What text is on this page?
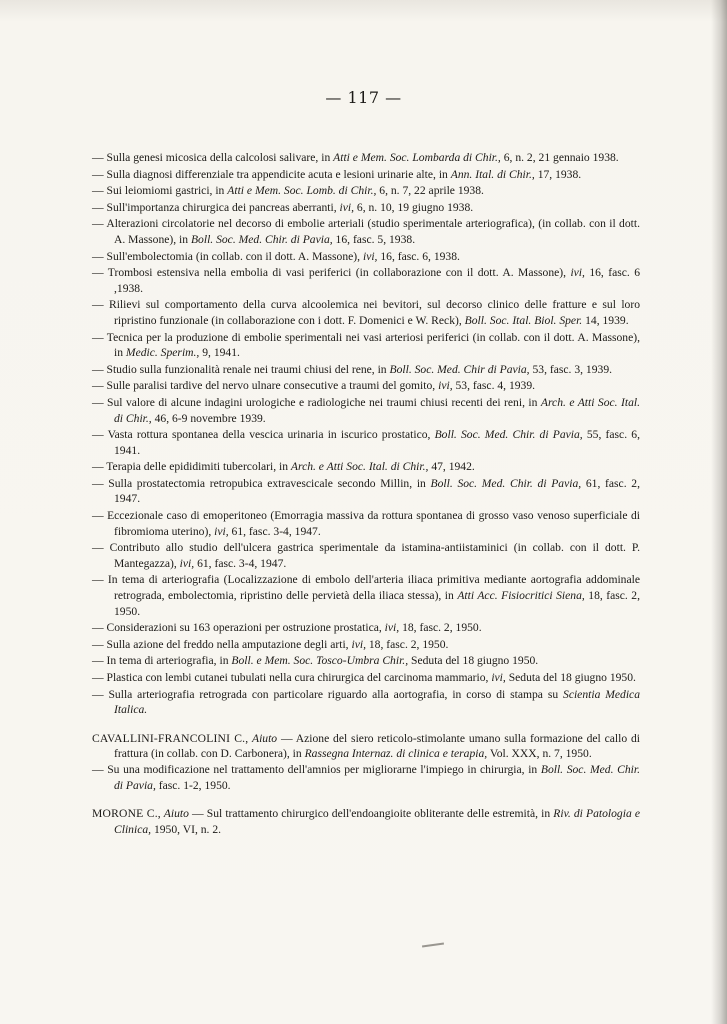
— 117 —

— Sulla genesi micosica della calcolosi salivare, in Atti e Mem. Soc. Lombarda di Chir., 6, n. 2, 21 gennaio 1938.

— Sulla diagnosi differenziale tra appendicite acuta e lesioni urinarie alte, in Ann. Ital. di Chir., 17, 1938.

— Sui leiomiomi gastrici, in Atti e Mem. Soc. Lomb. di Chir., 6, n. 7, 22 aprile 1938.

— Sull'importanza chirurgica dei pancreas aberranti, ivi, 6, n. 10, 19 giugno 1938.

— Alterazioni circolatorie nel decorso di embolie arteriali (studio sperimentale arteriografica), (in collab. con il dott. A. Massone), in Boll. Soc. Med. Chir. di Pavia, 16, fasc. 5, 1938.

— Sull'embolectomia (in collab. con il dott. A. Massone), ivi, 16, fasc. 6, 1938.

— Trombosi estensiva nella embolia di vasi periferici (in collaborazione con il dott. A. Massone), ivi, 16, fasc. 6 ,1938.

— Rilievi sul comportamento della curva alcoolemica nei bevitori, sul decorso clinico delle fratture e sul loro ripristino funzionale (in collaborazione con i dott. F. Domenici e W. Reck), Boll. Soc. Ital. Biol. Sper. 14, 1939.

— Tecnica per la produzione di embolie sperimentali nei vasi arteriosi periferici (in collab. con il dott. A. Massone), in Medic. Sperim., 9, 1941.

— Studio sulla funzionalità renale nei traumi chiusi del rene, in Boll. Soc. Med. Chir di Pavia, 53, fasc. 3, 1939.

— Sulle paralisi tardive del nervo ulnare consecutive a traumi del gomito, ivi, 53, fasc. 4, 1939.

— Sul valore di alcune indagini urologiche e radiologiche nei traumi chiusi recenti dei reni, in Arch. e Atti Soc. Ital. di Chir., 46, 6-9 novembre 1939.

— Vasta rottura spontanea della vescica urinaria in iscurico prostatico, Boll. Soc. Med. Chir. di Pavia, 55, fasc. 6, 1941.

— Terapia delle epididimiti tubercolari, in Arch. e Atti Soc. Ital. di Chir., 47, 1942.

— Sulla prostatectomia retropubica extravescicale secondo Millin, in Boll. Soc. Med. Chir. di Pavia, 61, fasc. 2, 1947.

— Eccezionale caso di emoperitoneo (Emorragia massiva da rottura spontanea di grosso vaso venoso superficiale di fibromioma uterino), ivi, 61, fasc. 3-4, 1947.

— Contributo allo studio dell'ulcera gastrica sperimentale da istamina-antiistaminici (in collab. con il dott. P. Mantegazza), ivi, 61, fasc. 3-4, 1947.

— In tema di arteriografia (Localizzazione di embolo dell'arteria iliaca primitiva mediante aortografia addominale retrograda, embolectomia, ripristino delle pervietà della iliaca stessa), in Atti Acc. Fisiocritici Siena, 18, fasc. 2, 1950.

— Considerazioni su 163 operazioni per ostruzione prostatica, ivi, 18, fasc. 2, 1950.

— Sulla azione del freddo nella amputazione degli arti, ivi, 18, fasc. 2, 1950.

— In tema di arteriografia, in Boll. e Mem. Soc. Tosco-Umbra Chir., Seduta del 18 giugno 1950.

— Plastica con lembi cutanei tubulati nella cura chirurgica del carcinoma mammario, ivi, Seduta del 18 giugno 1950.

— Sulla arteriografia retrograda con particolare riguardo alla aortografia, in corso di stampa su Scientia Medica Italica.

CAVALLINI-FRANCOLINI C., Aiuto — Azione del siero reticolo-stimolante umano sulla formazione del callo di frattura (in collab. con D. Carbonera), in Rassegna Internaz. di clinica e terapia, Vol. XXX, n. 7, 1950.

— Su una modificazione nel trattamento dell'amnios per migliorarne l'impiego in chirurgia, in Boll. Soc. Med. Chir. di Pavia, fasc. 1-2, 1950.

MORONE C., Aiuto — Sul trattamento chirurgico dell'endoangioite obliterante delle estremità, in Riv. di Patologia e Clinica, 1950, VI, n. 2.
